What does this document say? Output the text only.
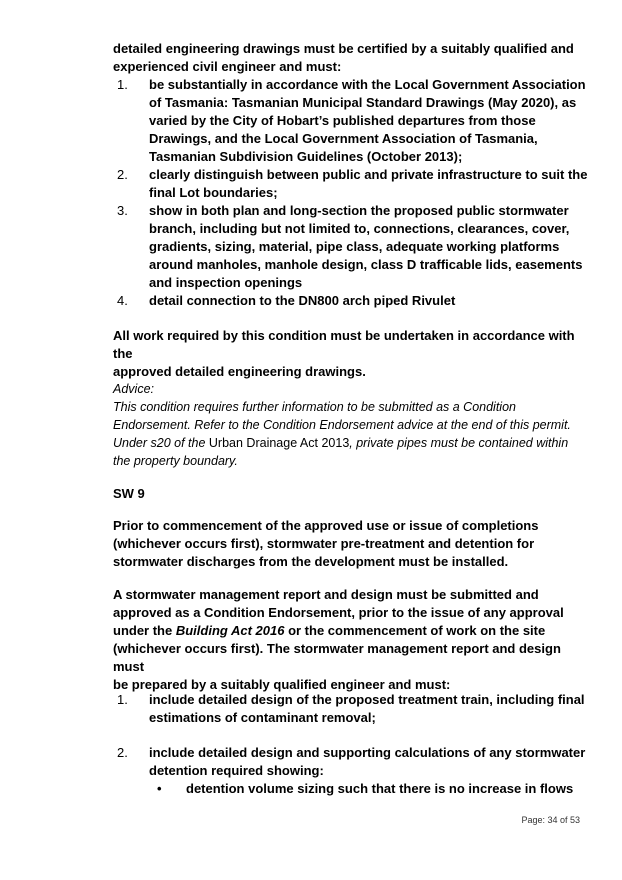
detailed engineering drawings must be certified by a suitably qualified and
experienced civil engineer and must:
1. be substantially in accordance with the Local Government Association
of Tasmania: Tasmanian Municipal Standard Drawings (May 2020), as
varied by the City of Hobart’s published departures from those
Drawings, and the Local Government Association of Tasmania,
Tasmanian Subdivision Guidelines (October 2013);
2. clearly distinguish between public and private infrastructure to suit the
final Lot boundaries;
3. show in both plan and long-section the proposed public stormwater
branch, including but not limited to, connections, clearances, cover,
gradients, sizing, material, pipe class, adequate working platforms
around manholes, manhole design, class D trafficable lids, easements
and inspection openings
4. detail connection to the DN800 arch piped Rivulet
All work required by this condition must be undertaken in accordance with the
approved detailed engineering drawings.
Advice:
This condition requires further information to be submitted as a Condition
Endorsement. Refer to the Condition Endorsement advice at the end of this permit.
Under s20 of the Urban Drainage Act 2013, private pipes must be contained within
the property boundary.
SW 9
Prior to commencement of the approved use or issue of completions
(whichever occurs first), stormwater pre-treatment and detention for
stormwater discharges from the development must be installed.
A stormwater management report and design must be submitted and
approved as a Condition Endorsement, prior to the issue of any approval
under the Building Act 2016 or the commencement of work on the site
(whichever occurs first). The stormwater management report and design must
be prepared by a suitably qualified engineer and must:
1. include detailed design of the proposed treatment train, including final
estimations of contaminant removal;
2. include detailed design and supporting calculations of any stormwater
detention required showing:
• detention volume sizing such that there is no increase in flows
Page: 34 of 53
